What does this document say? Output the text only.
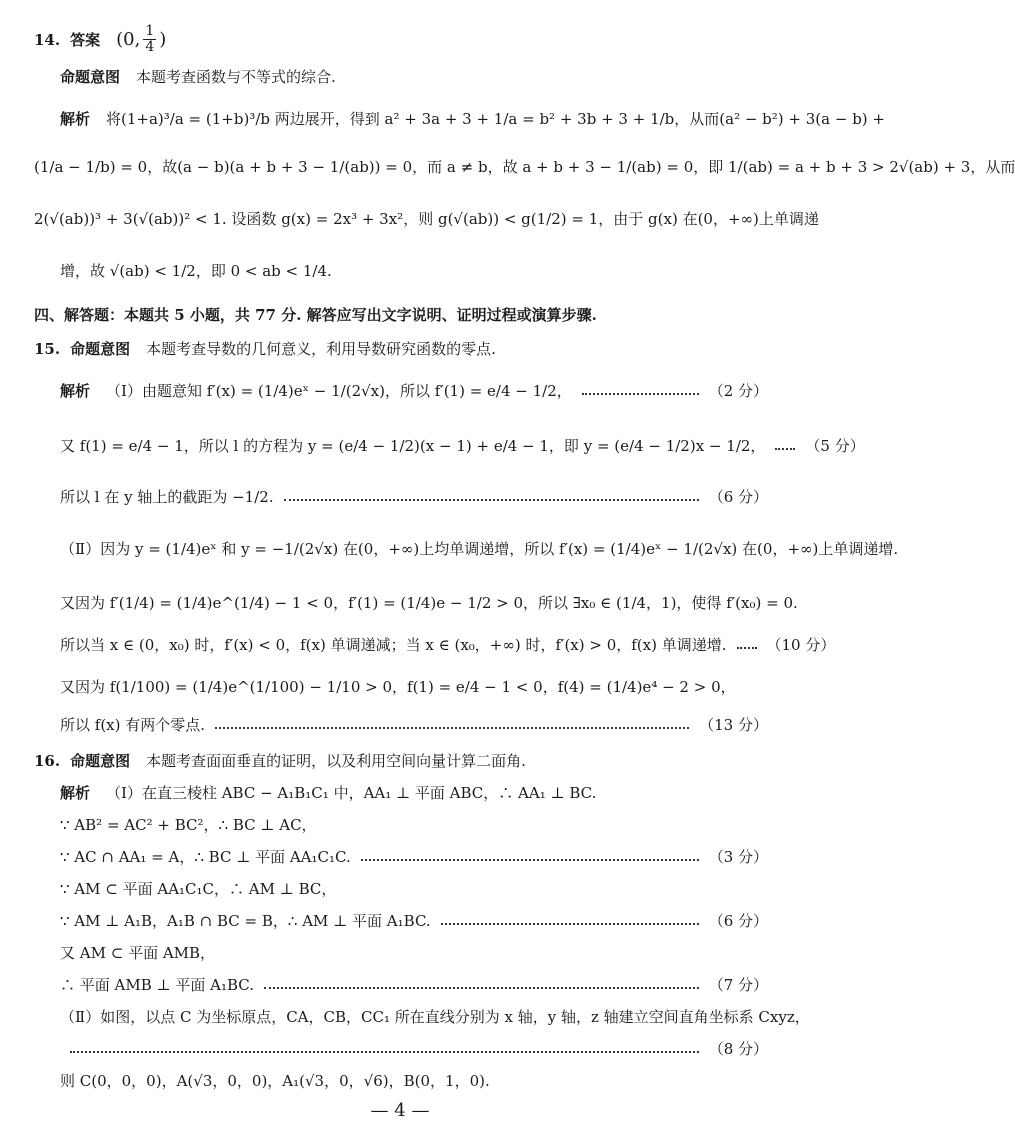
14. 答案 (0, $\frac{1}{4}$ )
命题意图 本题考查函数与不等式的综合.
解析 将(1+a)³/a = (1+b)³/b 两边展开，得到 a² + 3a + 3 + 1/a = b² + 3b + 3 + 1/b，从而(a² − b²) + 3(a − b) +
(1/a − 1/b) = 0，故(a − b)(a + b + 3 − 1/(ab)) = 0，而 a ≠ b，故 a + b + 3 − 1/(ab) = 0，即 1/(ab) = a + b + 3 > 2√(ab) + 3，从而
2(√(ab))³ + 3(√(ab))² < 1. 设函数 g(x) = 2x³ + 3x²，则 g(√(ab)) < g(1/2) = 1，由于 g(x) 在(0，+∞)上单调递
增，故 √(ab) < 1/2，即 0 < ab < 1/4.
四、解答题：本题共 5 小题，共 77 分. 解答应写出文字说明、证明过程或演算步骤.
15. 命题意图 本题考查导数的几何意义，利用导数研究函数的零点.
解析 （Ⅰ）由题意知 f′(x) = (1/4)eˣ − 1/(2√x)，所以 f′(1) = e/4 − 1/2，	（2 分）
又 f(1) = e/4 − 1，所以 l 的方程为 y = (e/4 − 1/2)(x − 1) + e/4 − 1，即 y = (e/4 − 1/2)x − 1/2，	（5 分）
所以 l 在 y 轴上的截距为 −1/2.	（6 分）
（Ⅱ）因为 y = (1/4)eˣ 和 y = −1/(2√x) 在(0，+∞)上均单调递增，所以 f′(x) = (1/4)eˣ − 1/(2√x) 在(0，+∞)上单调递增.
又因为 f′(1/4) = (1/4)e^(1/4) − 1 < 0，f′(1) = (1/4)e − 1/2 > 0，所以 ∃x₀ ∈ (1/4，1)，使得 f′(x₀) = 0.
所以当 x ∈ (0，x₀) 时，f′(x) < 0，f(x) 单调递减；当 x ∈ (x₀，+∞) 时，f′(x) > 0，f(x) 单调递增.	（10 分）
又因为 f(1/100) = (1/4)e^(1/100) − 1/10 > 0，f(1) = e/4 − 1 < 0，f(4) = (1/4)e⁴ − 2 > 0，
所以 f(x) 有两个零点.	（13 分）
16. 命题意图 本题考查面面垂直的证明，以及利用空间向量计算二面角.
解析 （Ⅰ）在直三棱柱 ABC − A₁B₁C₁ 中，AA₁ ⊥ 平面 ABC，∴ AA₁ ⊥ BC.
∵ AB² = AC² + BC²，∴ BC ⊥ AC，
∵ AC ∩ AA₁ = A，∴ BC ⊥ 平面 AA₁C₁C.	（3 分）
∵ AM ⊂ 平面 AA₁C₁C，∴ AM ⊥ BC，
∵ AM ⊥ A₁B，A₁B ∩ BC = B，∴ AM ⊥ 平面 A₁BC.	（6 分）
又 AM ⊂ 平面 AMB，
∴ 平面 AMB ⊥ 平面 A₁BC.	（7 分）
（Ⅱ）如图，以点 C 为坐标原点，CA，CB，CC₁ 所在直线分别为 x 轴，y 轴，z 轴建立空间直角坐标系 Cxyz，
（8 分）
则 C(0，0，0)，A(√3，0，0)，A₁(√3，0，√6)，B(0，1，0).
— 4 —
